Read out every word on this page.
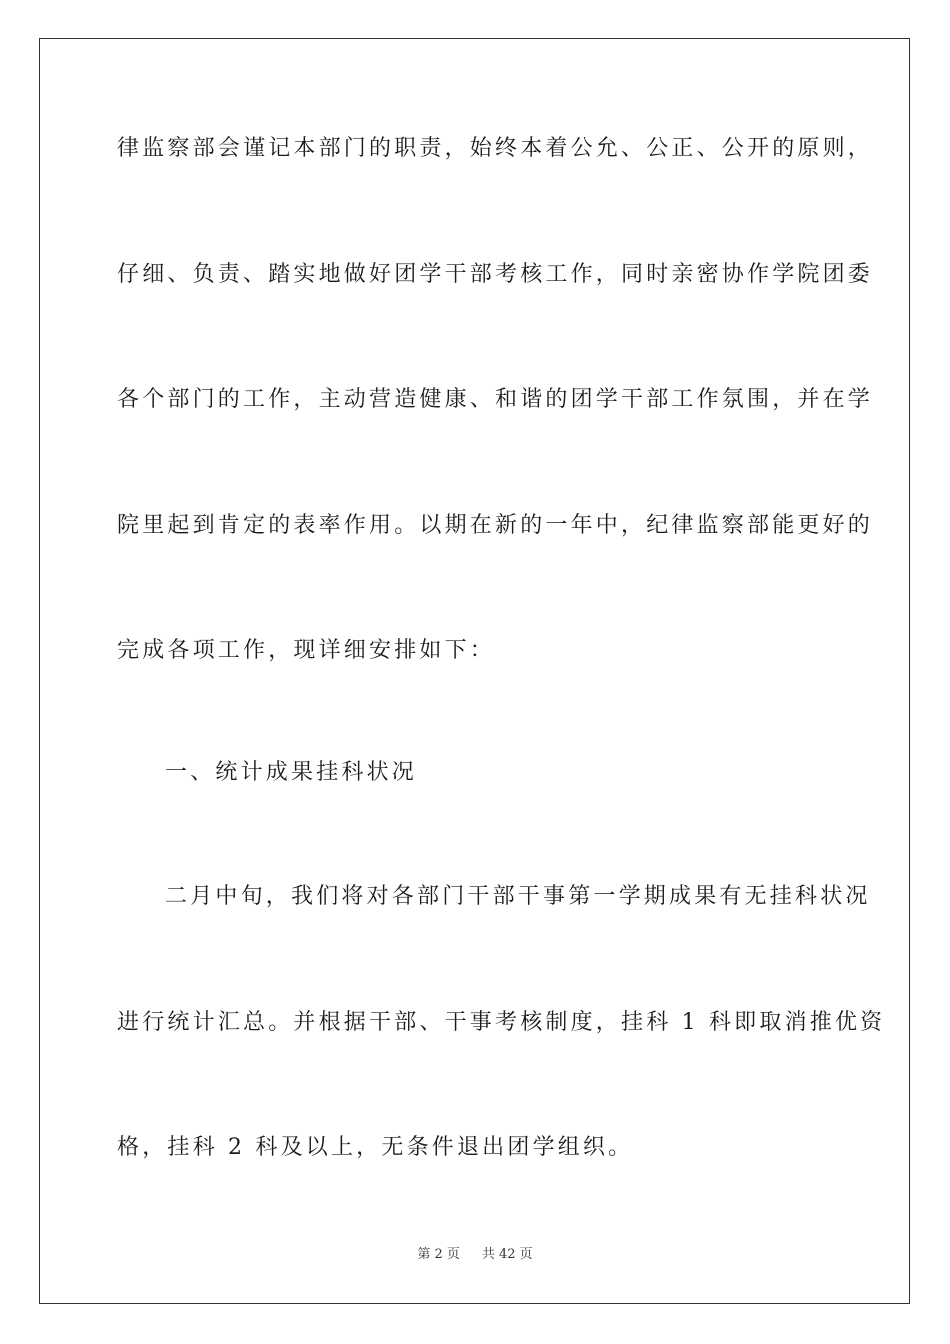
律监察部会谨记本部门的职责，始终本着公允、公正、公开的原则，
仔细、负责、踏实地做好团学干部考核工作，同时亲密协作学院团委
各个部门的工作，主动营造健康、和谐的团学干部工作氛围，并在学
院里起到肯定的表率作用。以期在新的一年中，纪律监察部能更好的
完成各项工作，现详细安排如下：
一、统计成果挂科状况
二月中旬，我们将对各部门干部干事第一学期成果有无挂科状况
进行统计汇总。并根据干部、干事考核制度，挂科 1 科即取消推优资
格，挂科 2 科及以上，无条件退出团学组织。
第 2 页 共 42 页
